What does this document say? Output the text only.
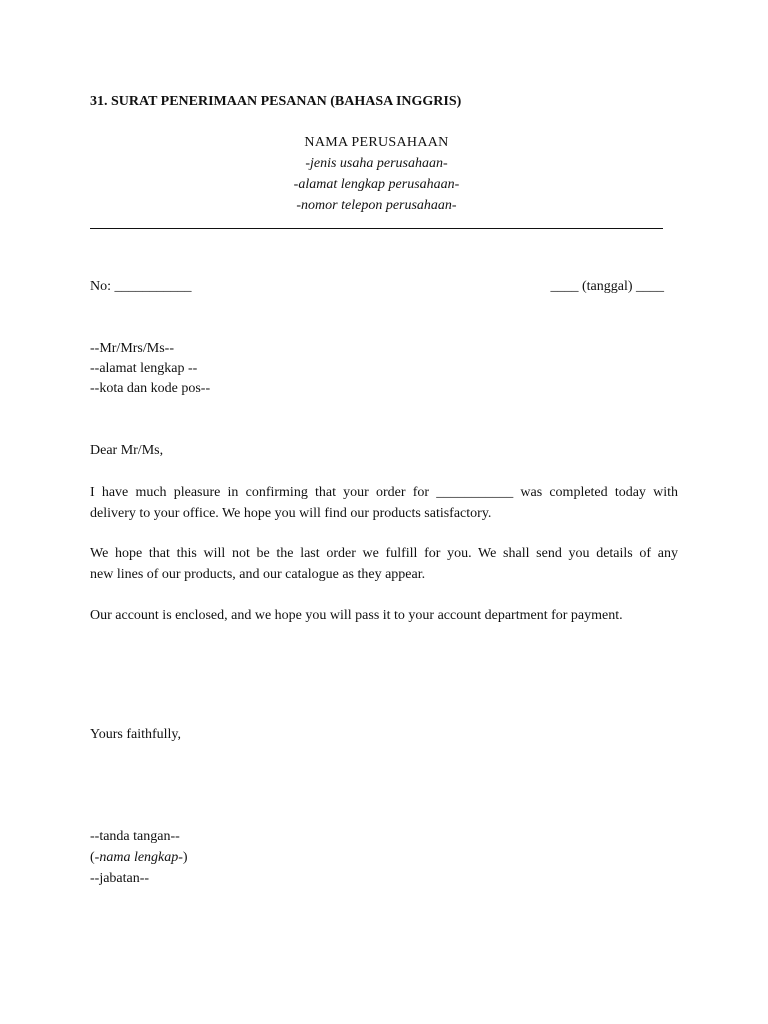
31. SURAT PENERIMAAN PESANAN (BAHASA INGGRIS)
NAMA PERUSAHAAN
-jenis usaha perusahaan-
-alamat lengkap perusahaan-
-nomor telepon perusahaan-
No: ___________	____ (tanggal) ____
--Mr/Mrs/Ms--
--alamat lengkap --
--kota dan kode pos--
Dear Mr/Ms,
I have much pleasure in confirming that your order for ___________ was completed today with
delivery to your office. We hope you will find our products satisfactory.
We hope that this will not be the last order we fulfill for you. We shall send you details of any
new lines of our products, and our catalogue as they appear.
Our account is enclosed, and we hope you will pass it to your account department for payment.
Yours faithfully,
--tanda tangan--
(-nama lengkap-)
--jabatan--
